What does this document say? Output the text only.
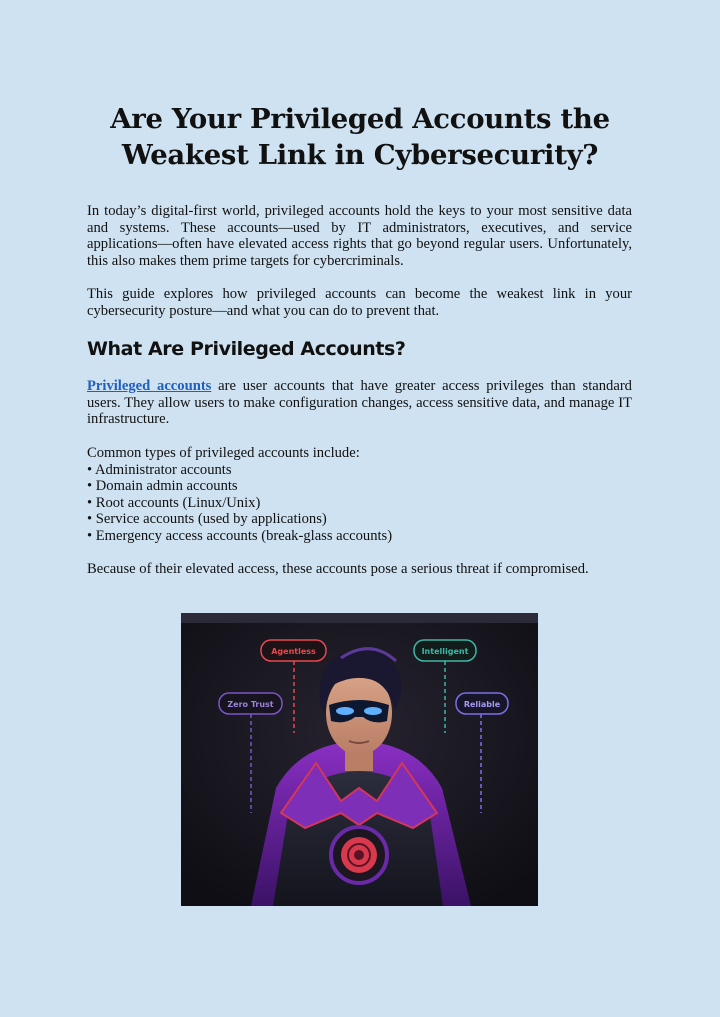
Are Your Privileged Accounts the Weakest Link in Cybersecurity?

In today’s digital-first world, privileged accounts hold the keys to your most sensitive data and systems. These accounts—used by IT administrators, executives, and service applications—often have elevated access rights that go beyond regular users. Unfortunately, this also makes them prime targets for cybercriminals.

This guide explores how privileged accounts can become the weakest link in your cybersecurity posture—and what you can do to prevent that.

What Are Privileged Accounts?

Privileged accounts are user accounts that have greater access privileges than standard users. They allow users to make configuration changes, access sensitive data, and manage IT infrastructure.

Common types of privileged accounts include:
• Administrator accounts
• Domain admin accounts
• Root accounts (Linux/Unix)
• Service accounts (used by applications)
• Emergency access accounts (break-glass accounts)

Because of their elevated access, these accounts pose a serious threat if compromised.

Agentless	Intelligent
Zero Trust	Reliable
